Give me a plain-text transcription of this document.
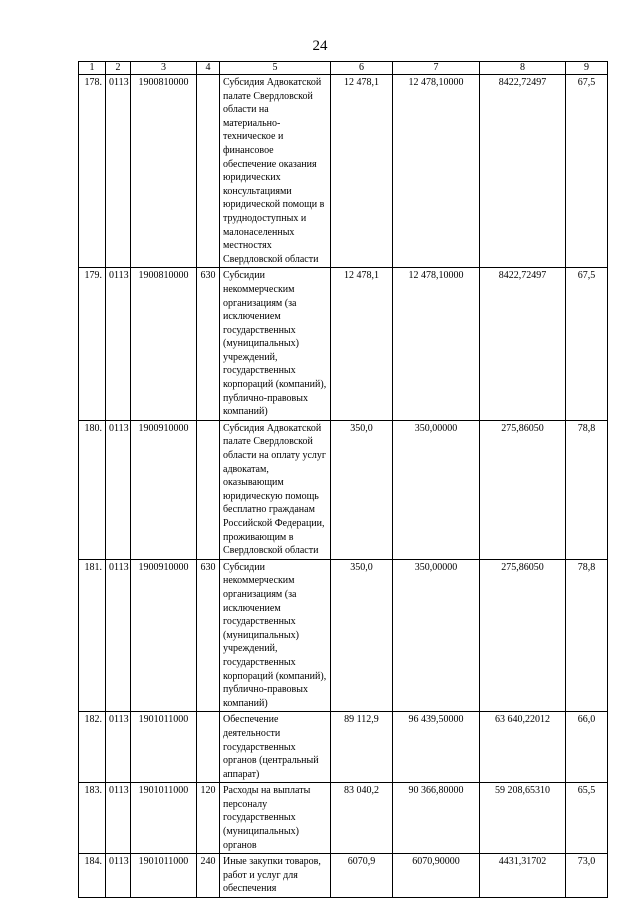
24
1	2	3	4	5	6	7	8	9
178.	0113	1900810000		Субсидия Адвокатской палате Свердловской области на материально-техническое и финансовое обеспечение оказания юридических консультациями юридической помощи в труднодоступных и малонаселенных местностях Свердловской области	12 478,1	12 478,10000	8422,72497	67,5
179.	0113	1900810000	630	Субсидии некоммерческим организациям (за исключением государственных (муниципальных) учреждений, государственных корпораций (компаний), публично-правовых компаний)	12 478,1	12 478,10000	8422,72497	67,5
180.	0113	1900910000		Субсидия Адвокатской палате Свердловской области на оплату услуг адвокатам, оказывающим юридическую помощь бесплатно гражданам Российской Федерации, проживающим в Свердловской области	350,0	350,00000	275,86050	78,8
181.	0113	1900910000	630	Субсидии некоммерческим организациям (за исключением государственных (муниципальных) учреждений, государственных корпораций (компаний), публично-правовых компаний)	350,0	350,00000	275,86050	78,8
182.	0113	1901011000		Обеспечение деятельности государственных органов (центральный аппарат)	89 112,9	96 439,50000	63 640,22012	66,0
183.	0113	1901011000	120	Расходы на выплаты персоналу государственных (муниципальных) органов	83 040,2	90 366,80000	59 208,65310	65,5
184.	0113	1901011000	240	Иные закупки товаров, работ и услуг для обеспечения	6070,9	6070,90000	4431,31702	73,0
